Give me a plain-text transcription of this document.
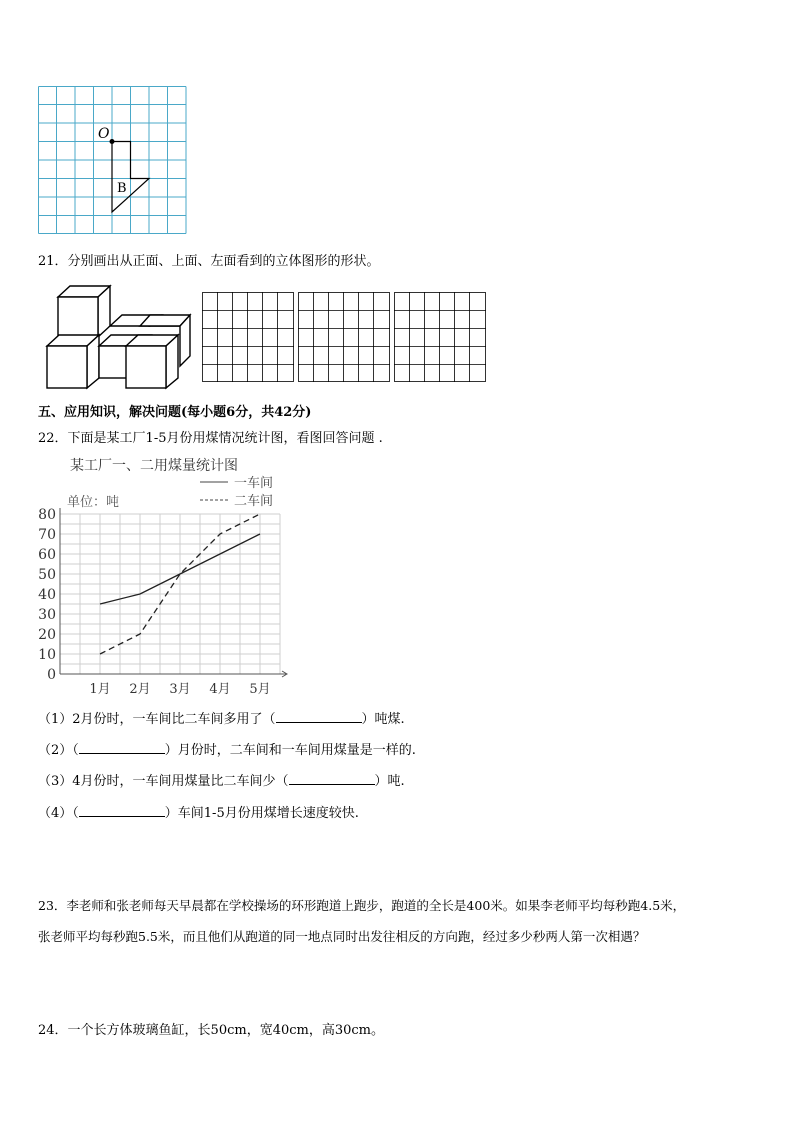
O
B
21．分别画出从正面、上面、左面看到的立体图形的形状。
五、应用知识，解决问题(每小题6分，共42分)
22．下面是某工厂1-5月份用煤情况统计图，看图回答问题 .
某工厂一、二用煤量统计图
单位：吨
一车间
二车间
0
10
20
30
40
50
60
70
80
1月 2月 3月 4月 5月
（1）2月份时，一车间比二车间多用了（	）吨煤.
（2）（	）月份时，二车间和一车间用煤量是一样的.
（3）4月份时，一车间用煤量比二车间少（	）吨.
（4）（	）车间1-5月份用煤增长速度较快.
23．李老师和张老师每天早晨都在学校操场的环形跑道上跑步，跑道的全长是400米。如果李老师平均每秒跑4.5米，
张老师平均每秒跑5.5米，而且他们从跑道的同一地点同时出发往相反的方向跑，经过多少秒两人第一次相遇？
24．一个长方体玻璃鱼缸，长50cm，宽40cm，高30cm。
